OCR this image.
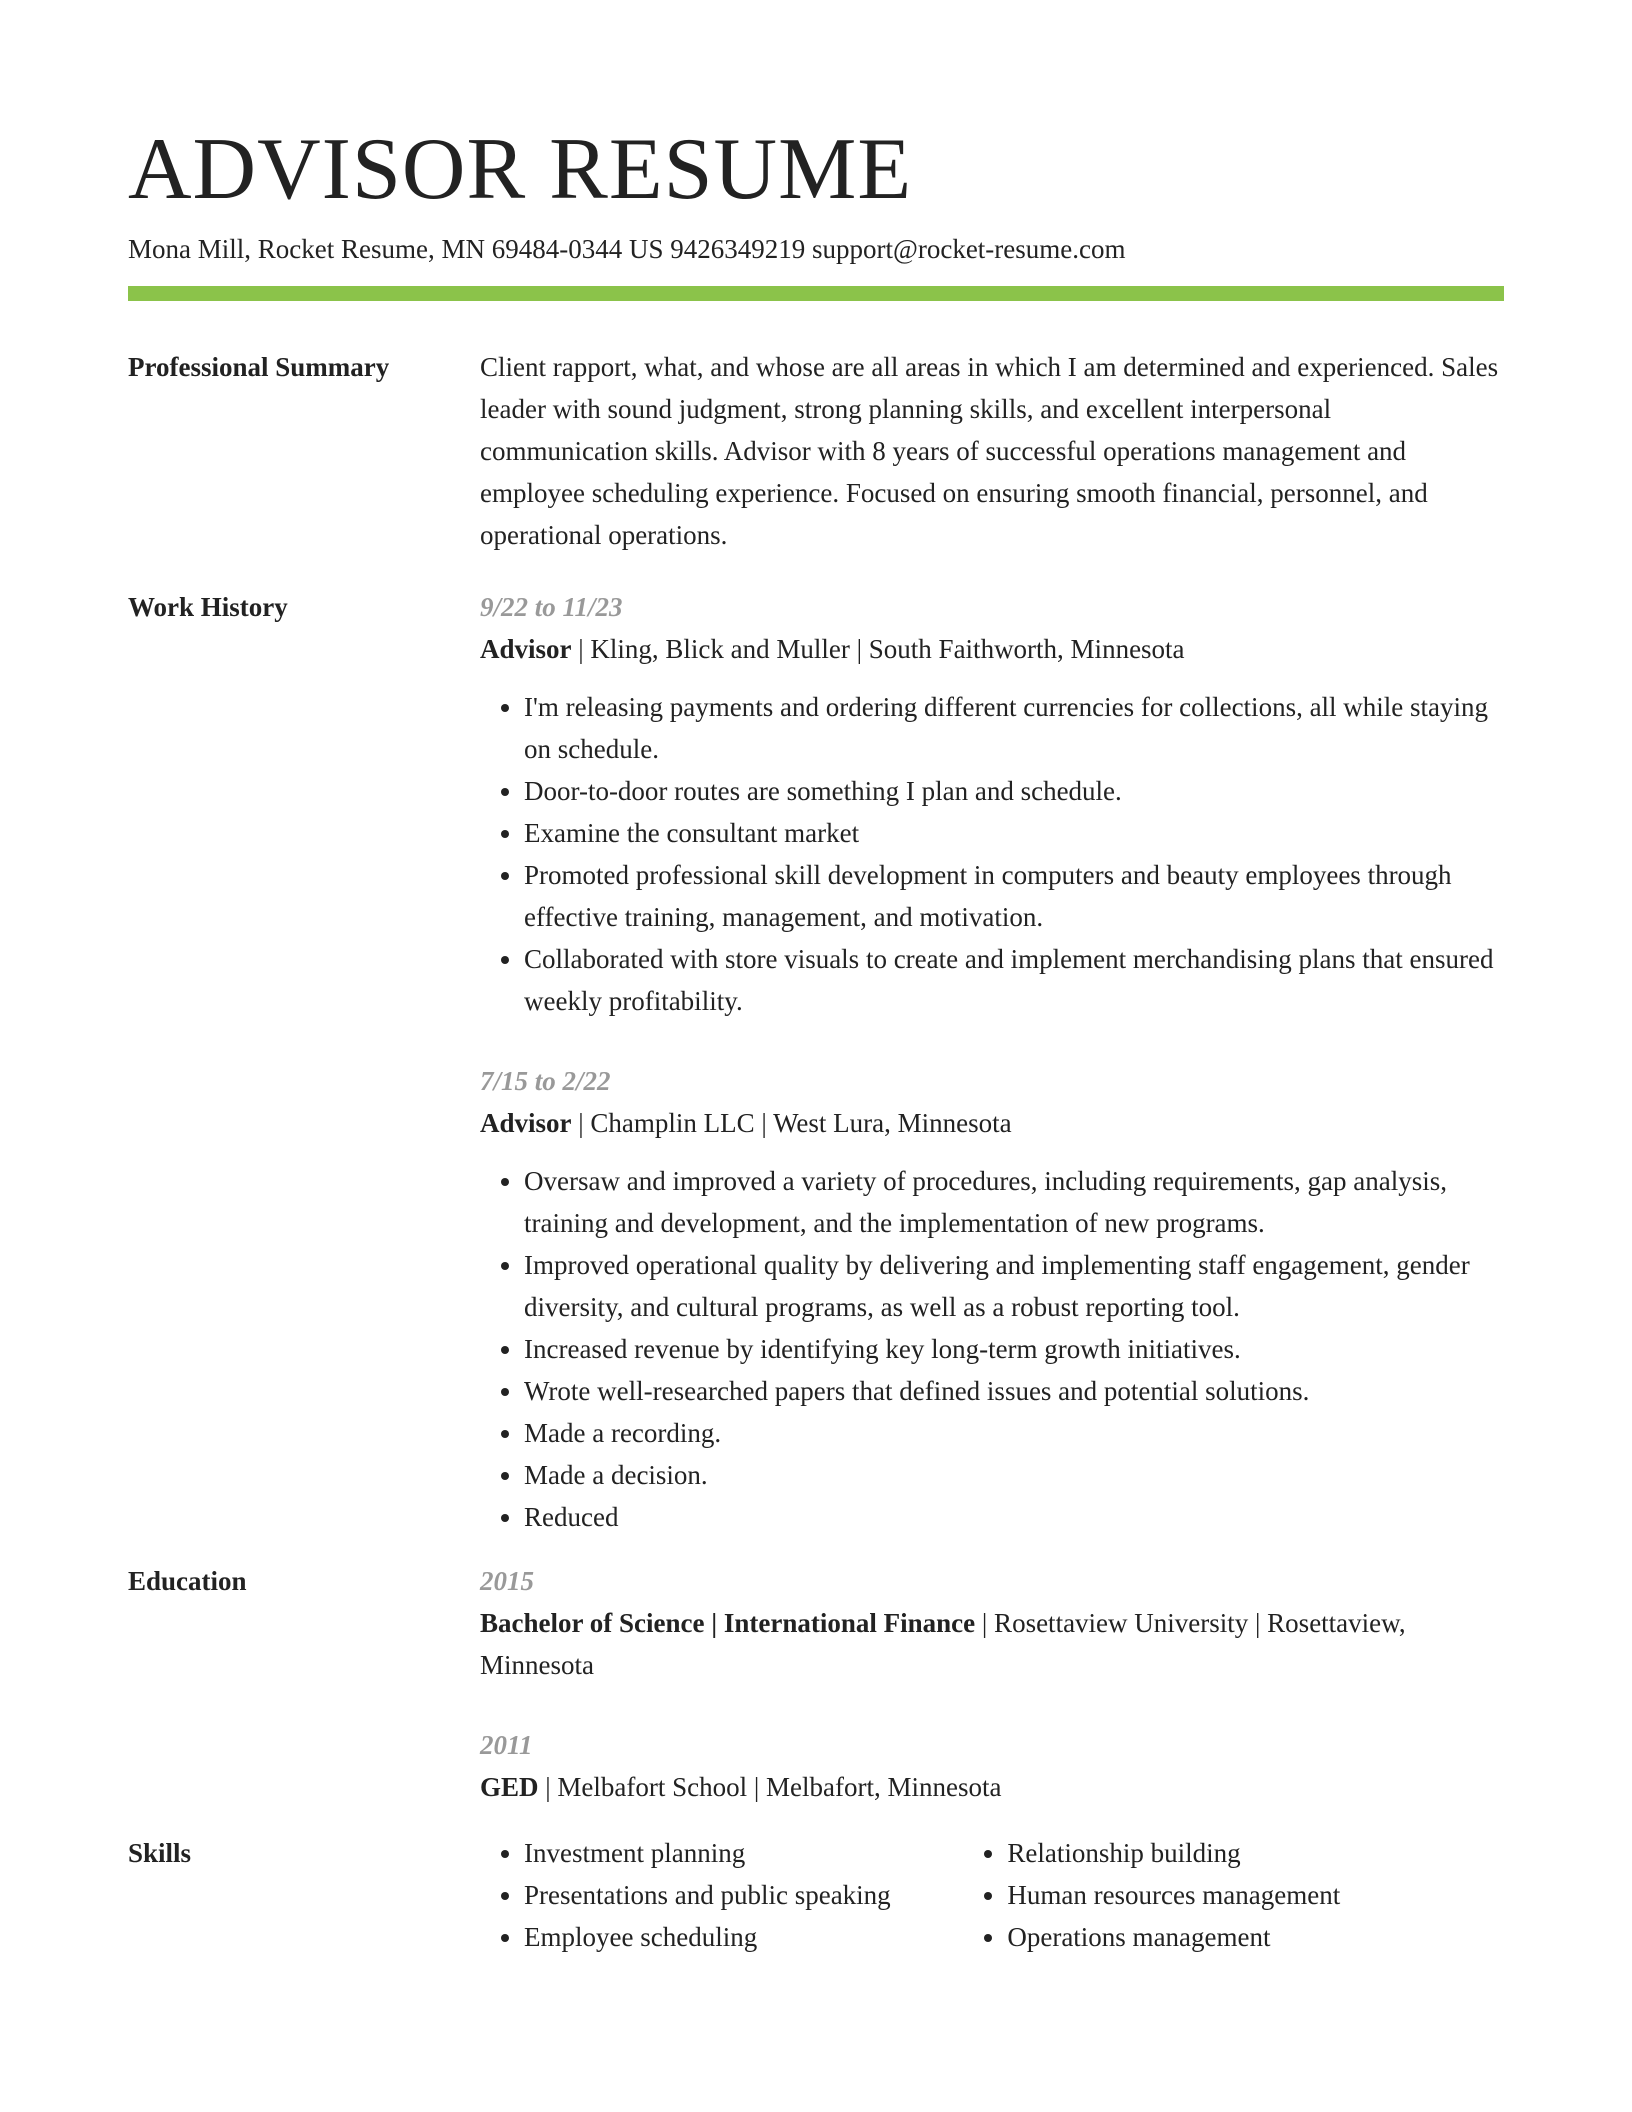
ADVISOR RESUME
Mona Mill, Rocket Resume, MN 69484-0344 US 9426349219 support@rocket-resume.com
Professional Summary	Client rapport, what, and whose are all areas in which I am determined and experienced. Sales leader with sound judgment, strong planning skills, and excellent interpersonal communication skills. Advisor with 8 years of successful operations management and employee scheduling experience. Focused on ensuring smooth financial, personnel, and operational operations.

Work History	9/22 to 11/23
Advisor | Kling, Blick and Muller | South Faithworth, Minnesota
• I'm releasing payments and ordering different currencies for collections, all while staying on schedule.
• Door-to-door routes are something I plan and schedule.
• Examine the consultant market
• Promoted professional skill development in computers and beauty employees through effective training, management, and motivation.
• Collaborated with store visuals to create and implement merchandising plans that ensured weekly profitability.
7/15 to 2/22
Advisor | Champlin LLC | West Lura, Minnesota
• Oversaw and improved a variety of procedures, including requirements, gap analysis, training and development, and the implementation of new programs.
• Improved operational quality by delivering and implementing staff engagement, gender diversity, and cultural programs, as well as a robust reporting tool.
• Increased revenue by identifying key long-term growth initiatives.
• Wrote well-researched papers that defined issues and potential solutions.
• Made a recording.
• Made a decision.
• Reduced
Education	2015
Bachelor of Science | International Finance | Rosettaview University | Rosettaview, Minnesota
2011
GED | Melbafort School | Melbafort, Minnesota
Skills
•	Investment planning
• Presentations and public speaking
• Employee scheduling
• Relationship building
• Human resources management
• Operations management
